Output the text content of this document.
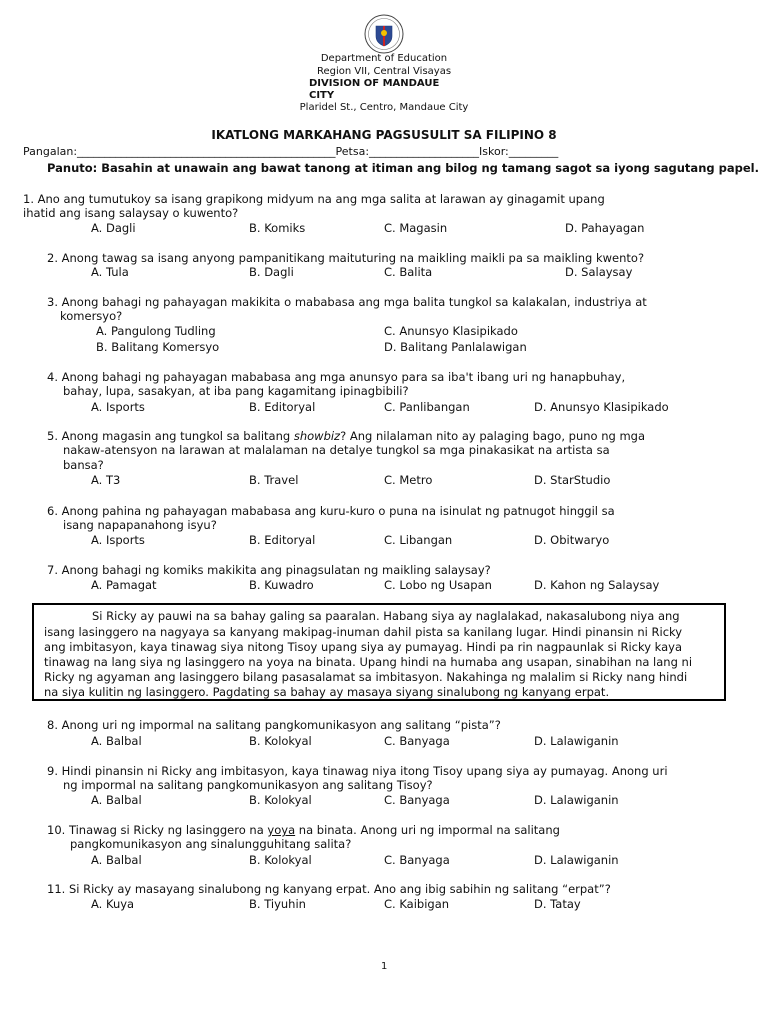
Department of Education
Region VII, Central Visayas
DIVISION OF MANDAUE
CITY
Plaridel St., Centro, Mandaue City
IKATLONG MARKAHANG PAGSUSULIT SA FILIPINO 8
Pangalan:_______________________________________________Petsa:____________________Iskor:_________
Panuto: Basahin at unawain ang bawat tanong at itiman ang bilog ng tamang sagot sa iyong sagutang papel.
1. Ano ang tumutukoy sa isang grapikong midyum na ang mga salita at larawan ay ginagamit upang
ihatid ang isang salaysay o kuwento?
A. Dagli	B. Komiks	C. Magasin	D. Pahayagan
2. Anong tawag sa isang anyong pampanitikang maituturing na maikling maikli pa sa maikling kwento?
A. Tula	B. Dagli	C. Balita	D. Salaysay
3. Anong bahagi ng pahayagan makikita o mababasa ang mga balita tungkol sa kalakalan, industriya at
komersyo?
A. Pangulong Tudling	C. Anunsyo Klasipikado
B. Balitang Komersyo	D. Balitang Panlalawigan
4. Anong bahagi ng pahayagan mababasa ang mga anunsyo para sa iba't ibang uri ng hanapbuhay,
bahay, lupa, sasakyan, at iba pang kagamitang ipinagbibili?
A. Isports	B. Editoryal	C. Panlibangan	D. Anunsyo Klasipikado
5. Anong magasin ang tungkol sa balitang showbiz? Ang nilalaman nito ay palaging bago, puno ng mga
nakaw-atensyon na larawan at malalaman na detalye tungkol sa mga pinakasikat na artista sa
bansa?
A. T3	B. Travel	C. Metro	D. StarStudio
6. Anong pahina ng pahayagan mababasa ang kuru-kuro o puna na isinulat ng patnugot hinggil sa
isang napapanahong isyu?
A. Isports	B. Editoryal	C. Libangan	D. Obitwaryo
7. Anong bahagi ng komiks makikita ang pinagsulatan ng maikling salaysay?
A. Pamagat	B. Kuwadro	C. Lobo ng Usapan	D. Kahon ng Salaysay
Si Ricky ay pauwi na sa bahay galing sa paaralan. Habang siya ay naglalakad, nakasalubong niya ang
isang lasinggero na nagyaya sa kanyang makipag-inuman dahil pista sa kanilang lugar. Hindi pinansin ni Ricky
ang imbitasyon, kaya tinawag siya nitong Tisoy upang siya ay pumayag. Hindi pa rin nagpaunlak si Ricky kaya
tinawag na lang siya ng lasinggero na yoya na binata. Upang hindi na humaba ang usapan, sinabihan na lang ni
Ricky ng agyaman ang lasinggero bilang pasasalamat sa imbitasyon. Nakahinga ng malalim si Ricky nang hindi
na siya kulitin ng lasinggero. Pagdating sa bahay ay masaya siyang sinalubong ng kanyang erpat.
8. Anong uri ng impormal na salitang pangkomunikasyon ang salitang “pista”?
A. Balbal	B. Kolokyal	C. Banyaga	D. Lalawiganin
9. Hindi pinansin ni Ricky ang imbitasyon, kaya tinawag niya itong Tisoy upang siya ay pumayag. Anong uri
ng impormal na salitang pangkomunikasyon ang salitang Tisoy?
A. Balbal	B. Kolokyal	C. Banyaga	D. Lalawiganin
10. Tinawag si Ricky ng lasinggero na yoya na binata. Anong uri ng impormal na salitang
pangkomunikasyon ang sinalungguhitang salita?
A. Balbal	B. Kolokyal	C. Banyaga	D. Lalawiganin
11. Si Ricky ay masayang sinalubong ng kanyang erpat. Ano ang ibig sabihin ng salitang “erpat”?
A. Kuya	B. Tiyuhin	C. Kaibigan	D. Tatay
1
